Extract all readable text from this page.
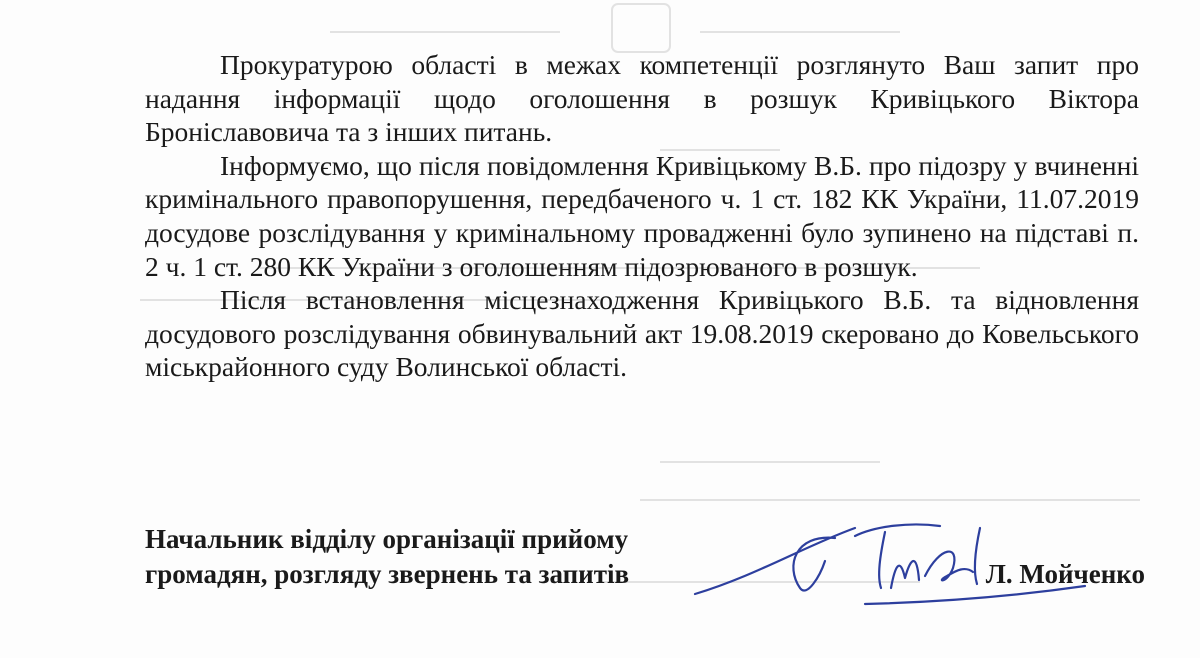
Прокуратурою області в межах компетенції розглянуто Ваш запит про надання інформації щодо оголошення в розшук Кривіцького Віктора Броніславовича та з інших питань.

Інформуємо, що після повідомлення Кривіцькому В.Б. про підозру у вчиненні кримінального правопорушення, передбаченого ч. 1 ст. 182 КК України, 11.07.2019 досудове розслідування у кримінальному провадженні було зупинено на підставі п. 2 ч. 1 ст. 280 КК України з оголошенням підозрюваного в розшук.

Після встановлення місцезнаходження Кривіцького В.Б. та відновлення досудового розслідування обвинувальний акт 19.08.2019 скеровано до Ковельського міськрайонного суду Волинської області.

Начальник відділу організації прийому
громадян, розгляду звернень та запитів	Л. Мойченко
